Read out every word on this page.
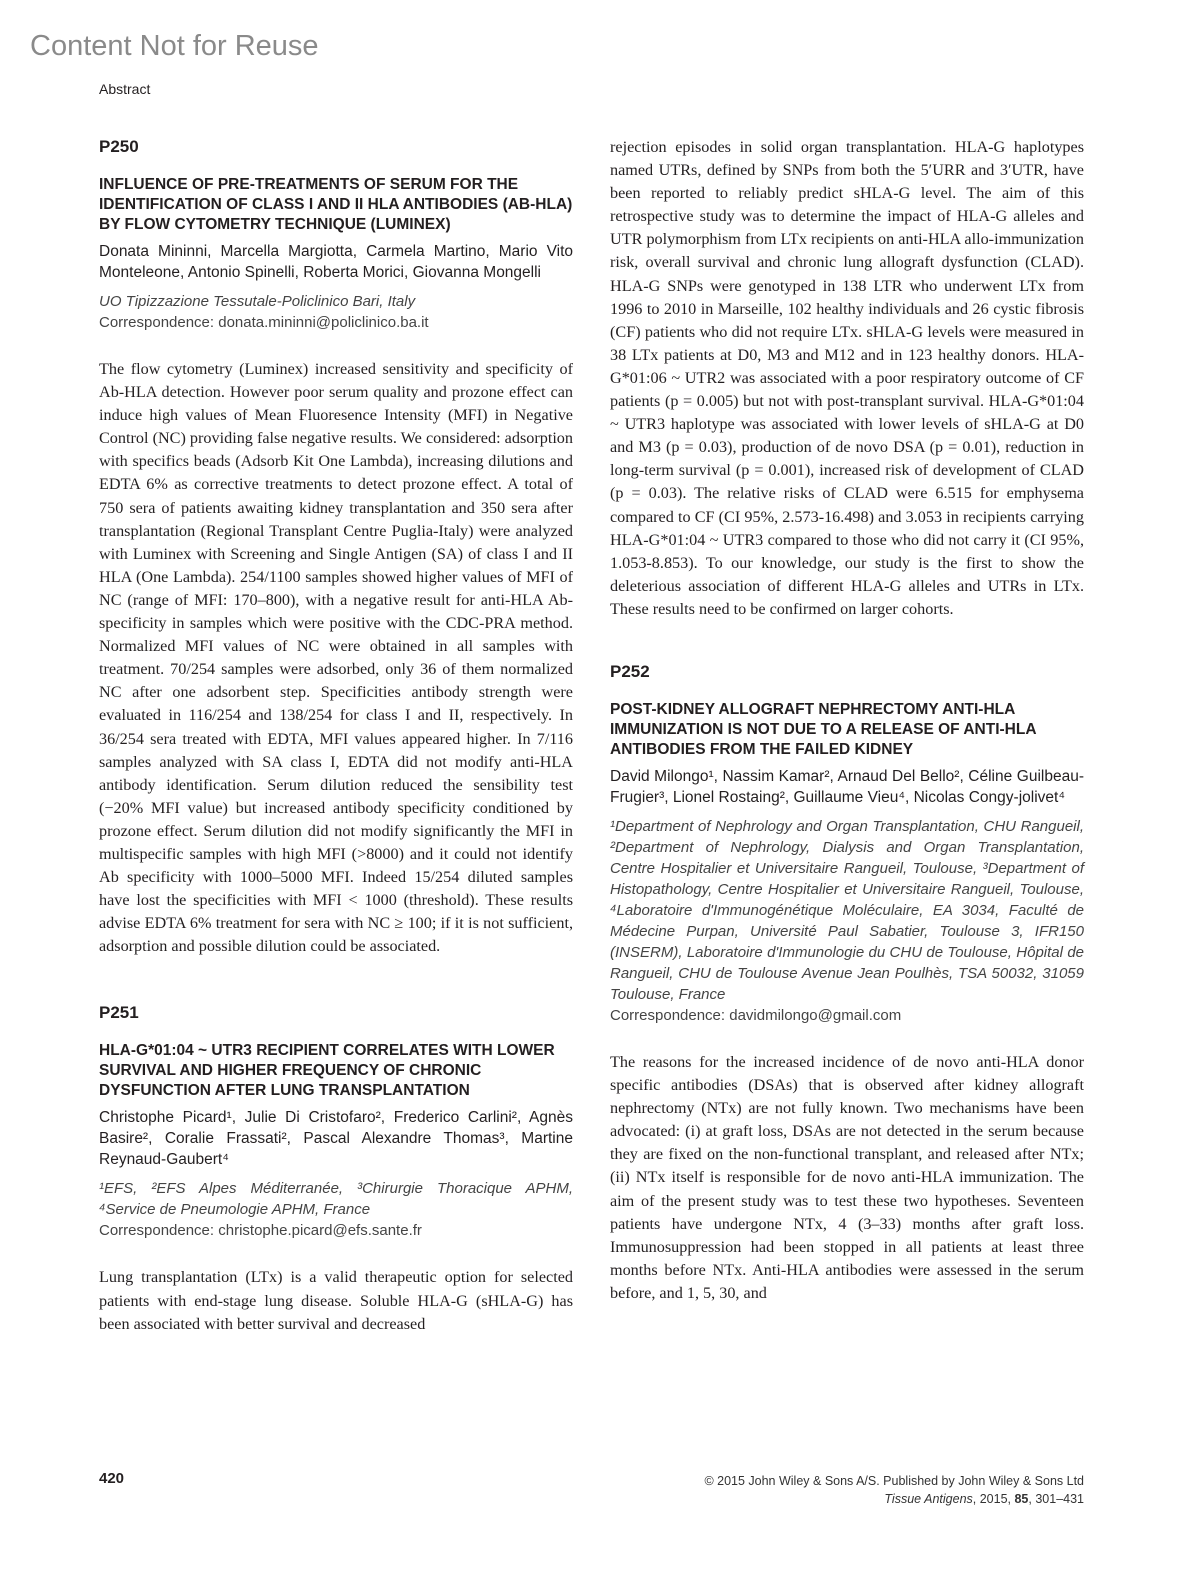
Content Not for Reuse
Abstract

P250

INFLUENCE OF PRE-TREATMENTS OF SERUM FOR THE IDENTIFICATION OF CLASS I AND II HLA ANTIBODIES (AB-HLA) BY FLOW CYTOMETRY TECHNIQUE (LUMINEX)

Donata Mininni, Marcella Margiotta, Carmela Martino, Mario Vito Monteleone, Antonio Spinelli, Roberta Morici, Giovanna Mongelli

UO Tipizzazione Tessutale-Policlinico Bari, Italy

Correspondence: donata.mininni@policlinico.ba.it

The flow cytometry (Luminex) increased sensitivity and specificity of Ab-HLA detection. However poor serum quality and prozone effect can induce high values of Mean Fluoresence Intensity (MFI) in Negative Control (NC) providing false negative results. We considered: adsorption with specifics beads (Adsorb Kit One Lambda), increasing dilutions and EDTA 6% as corrective treatments to detect prozone effect. A total of 750 sera of patients awaiting kidney transplantation and 350 sera after transplantation (Regional Transplant Centre Puglia-Italy) were analyzed with Luminex with Screening and Single Antigen (SA) of class I and II HLA (One Lambda). 254/1100 samples showed higher values of MFI of NC (range of MFI: 170–800), with a negative result for anti-HLA Ab-specificity in samples which were positive with the CDC-PRA method. Normalized MFI values of NC were obtained in all samples with treatment. 70/254 samples were adsorbed, only 36 of them normalized NC after one adsorbent step. Specificities antibody strength were evaluated in 116/254 and 138/254 for class I and II, respectively. In 36/254 sera treated with EDTA, MFI values appeared higher. In 7/116 samples analyzed with SA class I, EDTA did not modify anti-HLA antibody identification. Serum dilution reduced the sensibility test (−20% MFI value) but increased antibody specificity conditioned by prozone effect. Serum dilution did not modify significantly the MFI in multispecific samples with high MFI (>8000) and it could not identify Ab specificity with 1000–5000 MFI. Indeed 15/254 diluted samples have lost the specificities with MFI < 1000 (threshold). These results advise EDTA 6% treatment for sera with NC ≥ 100; if it is not sufficient, adsorption and possible dilution could be associated.

P251

HLA-G*01:04 ~ UTR3 RECIPIENT CORRELATES WITH LOWER SURVIVAL AND HIGHER FREQUENCY OF CHRONIC DYSFUNCTION AFTER LUNG TRANSPLANTATION

Christophe Picard¹, Julie Di Cristofaro², Frederico Carlini², Agnès Basire², Coralie Frassati², Pascal Alexandre Thomas³, Martine Reynaud-Gaubert⁴

¹EFS, ²EFS Alpes Méditerranée, ³Chirurgie Thoracique APHM, ⁴Service de Pneumologie APHM, France

Correspondence: christophe.picard@efs.sante.fr

Lung transplantation (LTx) is a valid therapeutic option for selected patients with end-stage lung disease. Soluble HLA-G (sHLA-G) has been associated with better survival and decreased

rejection episodes in solid organ transplantation. HLA-G haplotypes named UTRs, defined by SNPs from both the 5′URR and 3′UTR, have been reported to reliably predict sHLA-G level. The aim of this retrospective study was to determine the impact of HLA-G alleles and UTR polymorphism from LTx recipients on anti-HLA allo-immunization risk, overall survival and chronic lung allograft dysfunction (CLAD). HLA-G SNPs were genotyped in 138 LTR who underwent LTx from 1996 to 2010 in Marseille, 102 healthy individuals and 26 cystic fibrosis (CF) patients who did not require LTx. sHLA-G levels were measured in 38 LTx patients at D0, M3 and M12 and in 123 healthy donors. HLA-G*01:06 ~ UTR2 was associated with a poor respiratory outcome of CF patients (p = 0.005) but not with post-transplant survival. HLA-G*01:04 ~ UTR3 haplotype was associated with lower levels of sHLA-G at D0 and M3 (p = 0.03), production of de novo DSA (p = 0.01), reduction in long-term survival (p = 0.001), increased risk of development of CLAD (p = 0.03). The relative risks of CLAD were 6.515 for emphysema compared to CF (CI 95%, 2.573-16.498) and 3.053 in recipients carrying HLA-G*01:04 ~ UTR3 compared to those who did not carry it (CI 95%, 1.053-8.853). To our knowledge, our study is the first to show the deleterious association of different HLA-G alleles and UTRs in LTx. These results need to be confirmed on larger cohorts.

P252

POST-KIDNEY ALLOGRAFT NEPHRECTOMY ANTI-HLA IMMUNIZATION IS NOT DUE TO A RELEASE OF ANTI-HLA ANTIBODIES FROM THE FAILED KIDNEY

David Milongo¹, Nassim Kamar², Arnaud Del Bello², Céline Guilbeau-Frugier³, Lionel Rostaing², Guillaume Vieu⁴, Nicolas Congy-jolivet⁴

¹Department of Nephrology and Organ Transplantation, CHU Rangueil, ²Department of Nephrology, Dialysis and Organ Transplantation, Centre Hospitalier et Universitaire Rangueil, Toulouse, ³Department of Histopathology, Centre Hospitalier et Universitaire Rangueil, Toulouse, ⁴Laboratoire d'Immunogénétique Moléculaire, EA 3034, Faculté de Médecine Purpan, Université Paul Sabatier, Toulouse 3, IFR150 (INSERM), Laboratoire d'Immunologie du CHU de Toulouse, Hôpital de Rangueil, CHU de Toulouse Avenue Jean Poulhès, TSA 50032, 31059 Toulouse, France

Correspondence: davidmilongo@gmail.com

The reasons for the increased incidence of de novo anti-HLA donor specific antibodies (DSAs) that is observed after kidney allograft nephrectomy (NTx) are not fully known. Two mechanisms have been advocated: (i) at graft loss, DSAs are not detected in the serum because they are fixed on the non-functional transplant, and released after NTx; (ii) NTx itself is responsible for de novo anti-HLA immunization. The aim of the present study was to test these two hypotheses. Seventeen patients have undergone NTx, 4 (3–33) months after graft loss. Immunosuppression had been stopped in all patients at least three months before NTx. Anti-HLA antibodies were assessed in the serum before, and 1, 5, 30, and

420	© 2015 John Wiley & Sons A/S. Published by John Wiley & Sons Ltd
Tissue Antigens, 2015, 85, 301–431
